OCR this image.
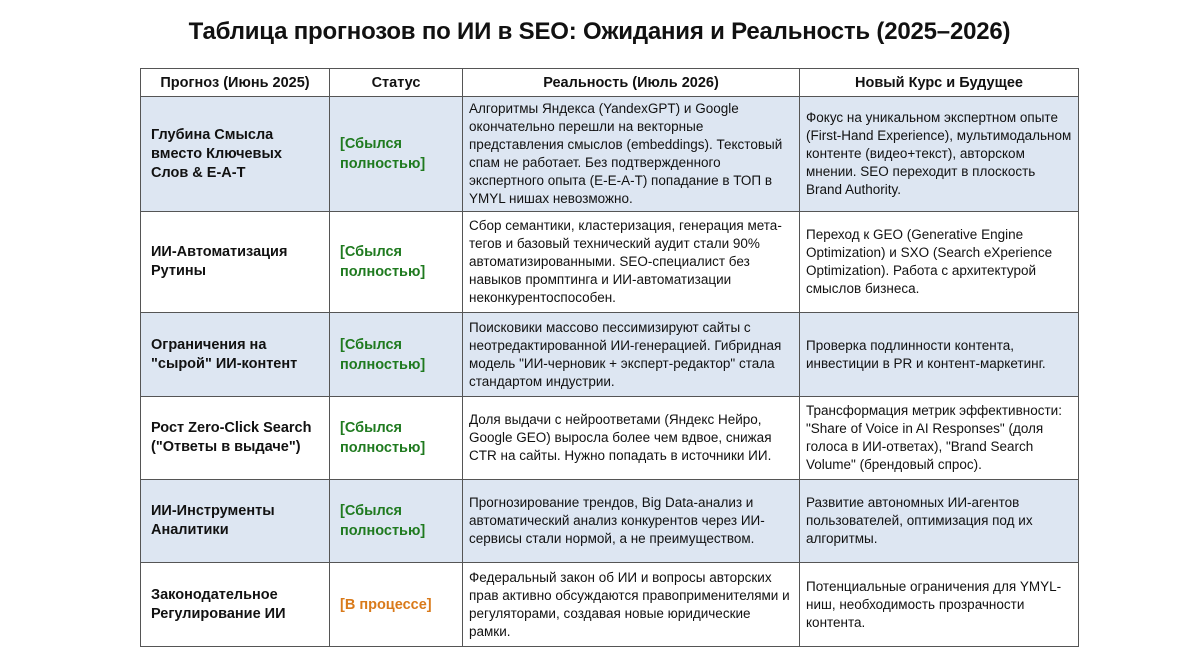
Таблица прогнозов по ИИ в SEO: Ожидания и Реальность (2025–2026)
Прогноз (Июнь 2025)	Статус	Реальность (Июль 2026)	Новый Курс и Будущее
Глубина Смысла вместо Ключевых Слов & E-A-T	[Сбылся полностью]	Алгоритмы Яндекса (YandexGPT) и Google окончательно перешли на векторные представления смыслов (embeddings). Текстовый спам не работает. Без подтвержденного экспертного опыта (E-E-A-T) попадание в ТОП в YMYL нишах невозможно.	Фокус на уникальном экспертном опыте (First-Hand Experience), мультимодальном контенте (видео+текст), авторском мнении. SEO переходит в плоскость Brand Authority.
ИИ-Автоматизация Рутины	[Сбылся полностью]	Сбор семантики, кластеризация, генерация мета-тегов и базовый технический аудит стали 90% автоматизированными. SEO-специалист без навыков промптинга и ИИ-автоматизации неконкурентоспособен.	Переход к GEO (Generative Engine Optimization) и SXO (Search eXperience Optimization). Работа с архитектурой смыслов бизнеса.
Ограничения на "сырой" ИИ-контент	[Сбылся полностью]	Поисковики массово пессимизируют сайты с неотредактированной ИИ-генерацией. Гибридная модель "ИИ-черновик + эксперт-редактор" стала стандартом индустрии.	Проверка подлинности контента, инвестиции в PR и контент-маркетинг.
Рост Zero-Click Search ("Ответы в выдаче")	[Сбылся полностью]	Доля выдачи с нейроответами (Яндекс Нейро, Google GEO) выросла более чем вдвое, снижая CTR на сайты. Нужно попадать в источники ИИ.	Трансформация метрик эффективности: "Share of Voice in AI Responses" (доля голоса в ИИ-ответах), "Brand Search Volume" (брендовый спрос).
ИИ-Инструменты Аналитики	[Сбылся полностью]	Прогнозирование трендов, Big Data-анализ и автоматический анализ конкурентов через ИИ-сервисы стали нормой, а не преимуществом.	Развитие автономных ИИ-агентов пользователей, оптимизация под их алгоритмы.
Законодательное Регулирование ИИ	[В процессе]	Федеральный закон об ИИ и вопросы авторских прав активно обсуждаются правоприменителями и регуляторами, создавая новые юридические рамки.	Потенциальные ограничения для YMYL-ниш, необходимость прозрачности контента.
